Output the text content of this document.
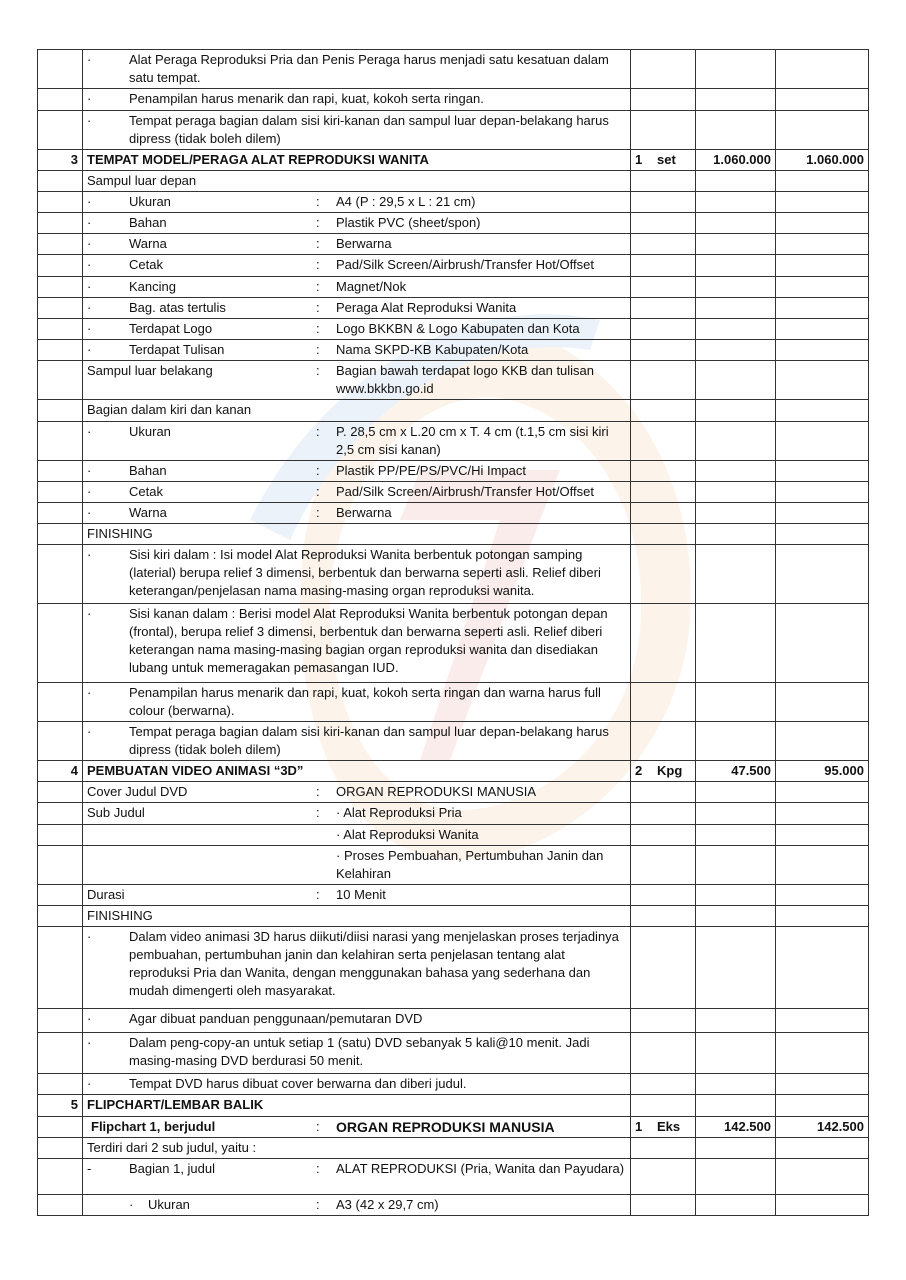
	· Alat Peraga Reproduksi Pria dan Penis Peraga harus menjadi satu kesatuan dalam satu tempat.			

	· Penampilan harus menarik dan rapi, kuat, kokoh serta ringan.			

	· Tempat peraga bagian dalam sisi kiri-kanan dan sampul luar depan-belakang harus dipress (tidak boleh dilem)			

3	TEMPAT MODEL/PERAGA ALAT REPRODUKSI WANITA	1 set	1.060.000	1.060.000
	Sampul luar depan			

	· Ukuran : A4 (P : 29,5 x L : 21 cm)			

	· Bahan : Plastik PVC (sheet/spon)			

	· Warna : Berwarna			

	· Cetak : Pad/Silk Screen/Airbrush/Transfer Hot/Offset			

	· Kancing : Magnet/Nok			

	· Bag. atas tertulis : Peraga Alat Reproduksi Wanita			

	· Terdapat Logo : Logo BKKBN & Logo Kabupaten dan Kota			

	· Terdapat Tulisan : Nama SKPD-KB Kabupaten/Kota			

	Sampul luar belakang : Bagian bawah terdapat logo KKB dan tulisan www.bkkbn.go.id			

	Bagian dalam kiri dan kanan			

	· Ukuran : P. 28,5 cm x L.20 cm x T. 4 cm (t.1,5 cm sisi kiri 2,5 cm sisi kanan)			

	· Bahan : Plastik PP/PE/PS/PVC/Hi Impact			

	· Cetak : Pad/Silk Screen/Airbrush/Transfer Hot/Offset			

	· Warna : Berwarna			

	FINISHING			

	· Sisi kiri dalam : Isi model Alat Reproduksi Wanita berbentuk potongan samping (laterial) berupa relief 3 dimensi, berbentuk dan berwarna seperti asli. Relief diberi keterangan/penjelasan nama masing-masing organ reproduksi wanita.			

	· Sisi kanan dalam : Berisi model Alat Reproduksi Wanita berbentuk potongan depan (frontal), berupa relief 3 dimensi, berbentuk dan berwarna seperti asli. Relief diberi keterangan nama masing-masing bagian organ reproduksi wanita dan disediakan lubang untuk memeragakan pemasangan IUD.			

	· Penampilan harus menarik dan rapi, kuat, kokoh serta ringan dan warna harus full colour (berwarna).			

	· Tempat peraga bagian dalam sisi kiri-kanan dan sampul luar depan-belakang harus dipress (tidak boleh dilem)			

4	PEMBUATAN VIDEO ANIMASI “3D”	2 Kpg	47.500	95.000

	Cover Judul DVD : ORGAN REPRODUKSI MANUSIA			

	Sub Judul : · Alat Reproduksi Pria			

	· Alat Reproduksi Wanita			

	· Proses Pembuahan, Pertumbuhan Janin dan Kelahiran			

	Durasi : 10 Menit			

	FINISHING			

	· Dalam video animasi 3D harus diikuti/diisi narasi yang menjelaskan proses terjadinya pembuahan, pertumbuhan janin dan kelahiran serta penjelasan tentang alat reproduksi Pria dan Wanita, dengan menggunakan bahasa yang sederhana dan mudah dimengerti oleh masyarakat.			

	· Agar dibuat panduan penggunaan/pemutaran DVD			

	· Dalam peng-copy-an untuk setiap 1 (satu) DVD sebanyak 5 kali@10 menit. Jadi masing-masing DVD berdurasi 50 menit.			

	· Tempat DVD harus dibuat cover berwarna dan diberi judul.			

5	FLIPCHART/LEMBAR BALIK			

	Flipchart 1, berjudul : ORGAN REPRODUKSI MANUSIA	1 Eks	142.500	142.500
	Terdiri dari 2 sub judul, yaitu :			

	- Bagian 1, judul : ALAT REPRODUKSI (Pria, Wanita dan Payudara)			

	· Ukuran : A3 (42 x 29,7 cm)			
